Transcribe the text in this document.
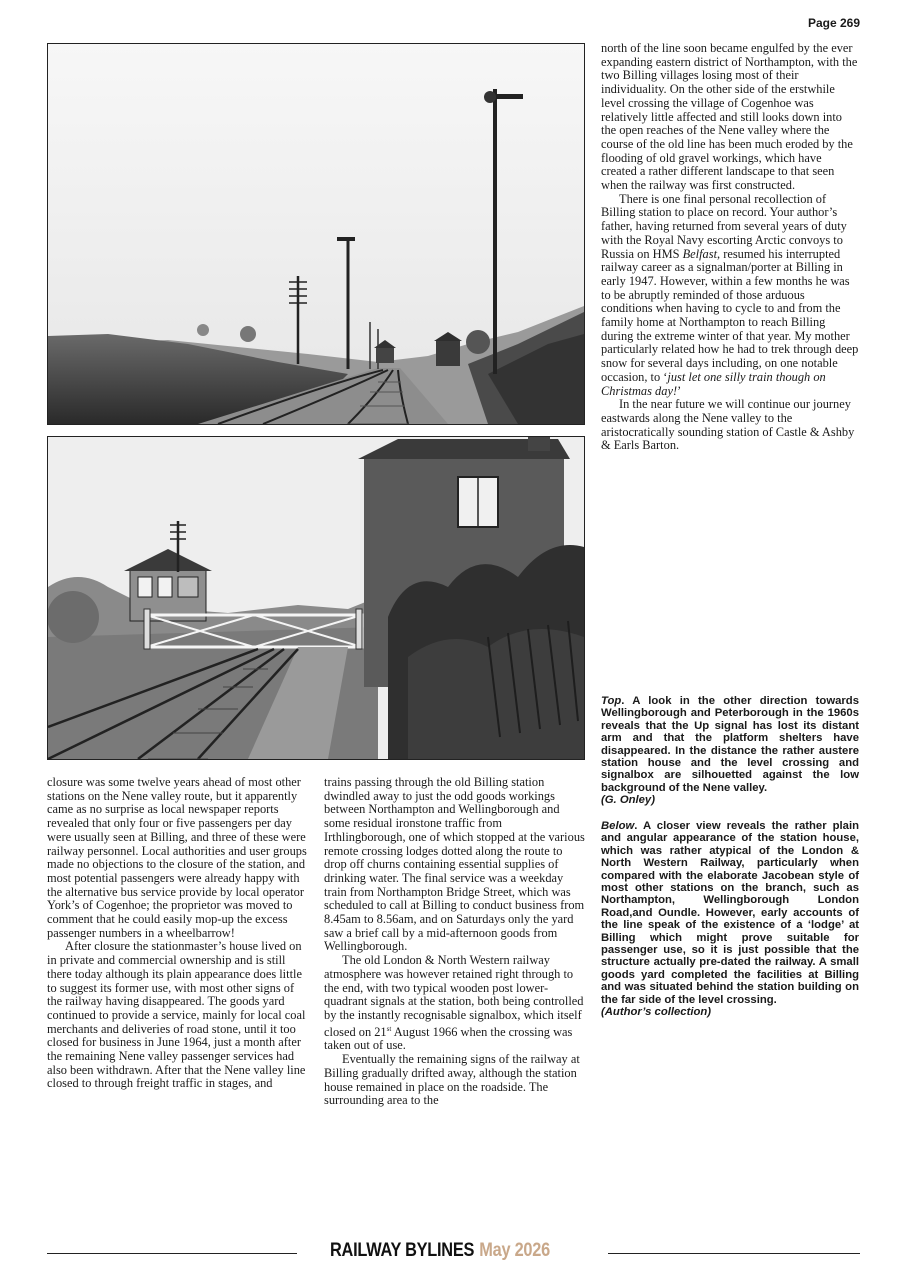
Page 269

north of the line soon became engulfed by the ever expanding eastern district of Northampton, with the two Billing villages losing most of their individuality. On the other side of the erstwhile level crossing the village of Cogenhoe was relatively little affected and still looks down into the open reaches of the Nene valley where the course of the old line has been much eroded by the flooding of old gravel workings, which have created a rather different landscape to that seen when the railway was first constructed.

There is one final personal recollection of Billing station to place on record. Your author’s father, having returned from several years of duty with the Royal Navy escorting Arctic convoys to Russia on HMS Belfast, resumed his interrupted railway career as a signalman/porter at Billing in early 1947. However, within a few months he was to be abruptly reminded of those arduous conditions when having to cycle to and from the family home at Northampton to reach Billing during the extreme winter of that year. My mother particularly related how he had to trek through deep snow for several days including, on one notable occasion, to ‘just let one silly train though on Christmas day!’

In the near future we will continue our journey eastwards along the Nene valley to the aristocratically sounding station of Castle & Ashby & Earls Barton.

Top. A look in the other direction towards Wellingborough and Peterborough in the 1960s reveals that the Up signal has lost its distant arm and that the platform shelters have disappeared. In the distance the rather austere station house and the level crossing and signalbox are silhouetted against the low background of the Nene valley.
(G. Onley)
Below. A closer view reveals the rather plain and angular appearance of the station house, which was rather atypical of the London & North Western Railway, particularly when compared with the elaborate Jacobean style of most other stations on the branch, such as Northampton, Wellingborough London Road,and Oundle. However, early accounts of the line speak of the existence of a ‘lodge’ at Billing which might prove suitable for passenger use, so it is just possible that the structure actually pre-dated the railway. A small goods yard completed the facilities at Billing and was situated behind the station building on the far side of the level crossing.
(Author’s collection)

closure was some twelve years ahead of most other stations on the Nene valley route, but it apparently came as no surprise as local newspaper reports revealed that only four or five passengers per day were usually seen at Billing, and three of these were railway personnel. Local authorities and user groups made no objections to the closure of the station, and most potential passengers were already happy with the alternative bus service provide by local operator York’s of Cogenhoe; the proprietor was moved to comment that he could easily mop-up the excess passenger numbers in a wheelbarrow!

After closure the stationmaster’s house lived on in private and commercial ownership and is still there today although its plain appearance does little to suggest its former use, with most other signs of the railway having disappeared. The goods yard continued to provide a service, mainly for local coal merchants and deliveries of road stone, until it too closed for business in June 1964, just a month after the remaining Nene valley passenger services had also been withdrawn. After that the Nene valley line closed to through freight traffic in stages, and

trains passing through the old Billing station dwindled away to just the odd goods workings between Northampton and Wellingborough and some residual ironstone traffic from Irthlingborough, one of which stopped at the various remote crossing lodges dotted along the route to drop off churns containing essential supplies of drinking water. The final service was a weekday train from Northampton Bridge Street, which was scheduled to call at Billing to conduct business from 8.45am to 8.56am, and on Saturdays only the yard saw a brief call by a mid-afternoon goods from Wellingborough.

The old London & North Western railway atmosphere was however retained right through to the end, with two typical wooden post lower-quadrant signals at the station, both being controlled by the instantly recognisable signalbox, which itself closed on 21st August 1966 when the crossing was taken out of use.

Eventually the remaining signs of the railway at Billing gradually drifted away, although the station house remained in place on the roadside. The surrounding area to the

RAILWAY BYLINES May 2026
